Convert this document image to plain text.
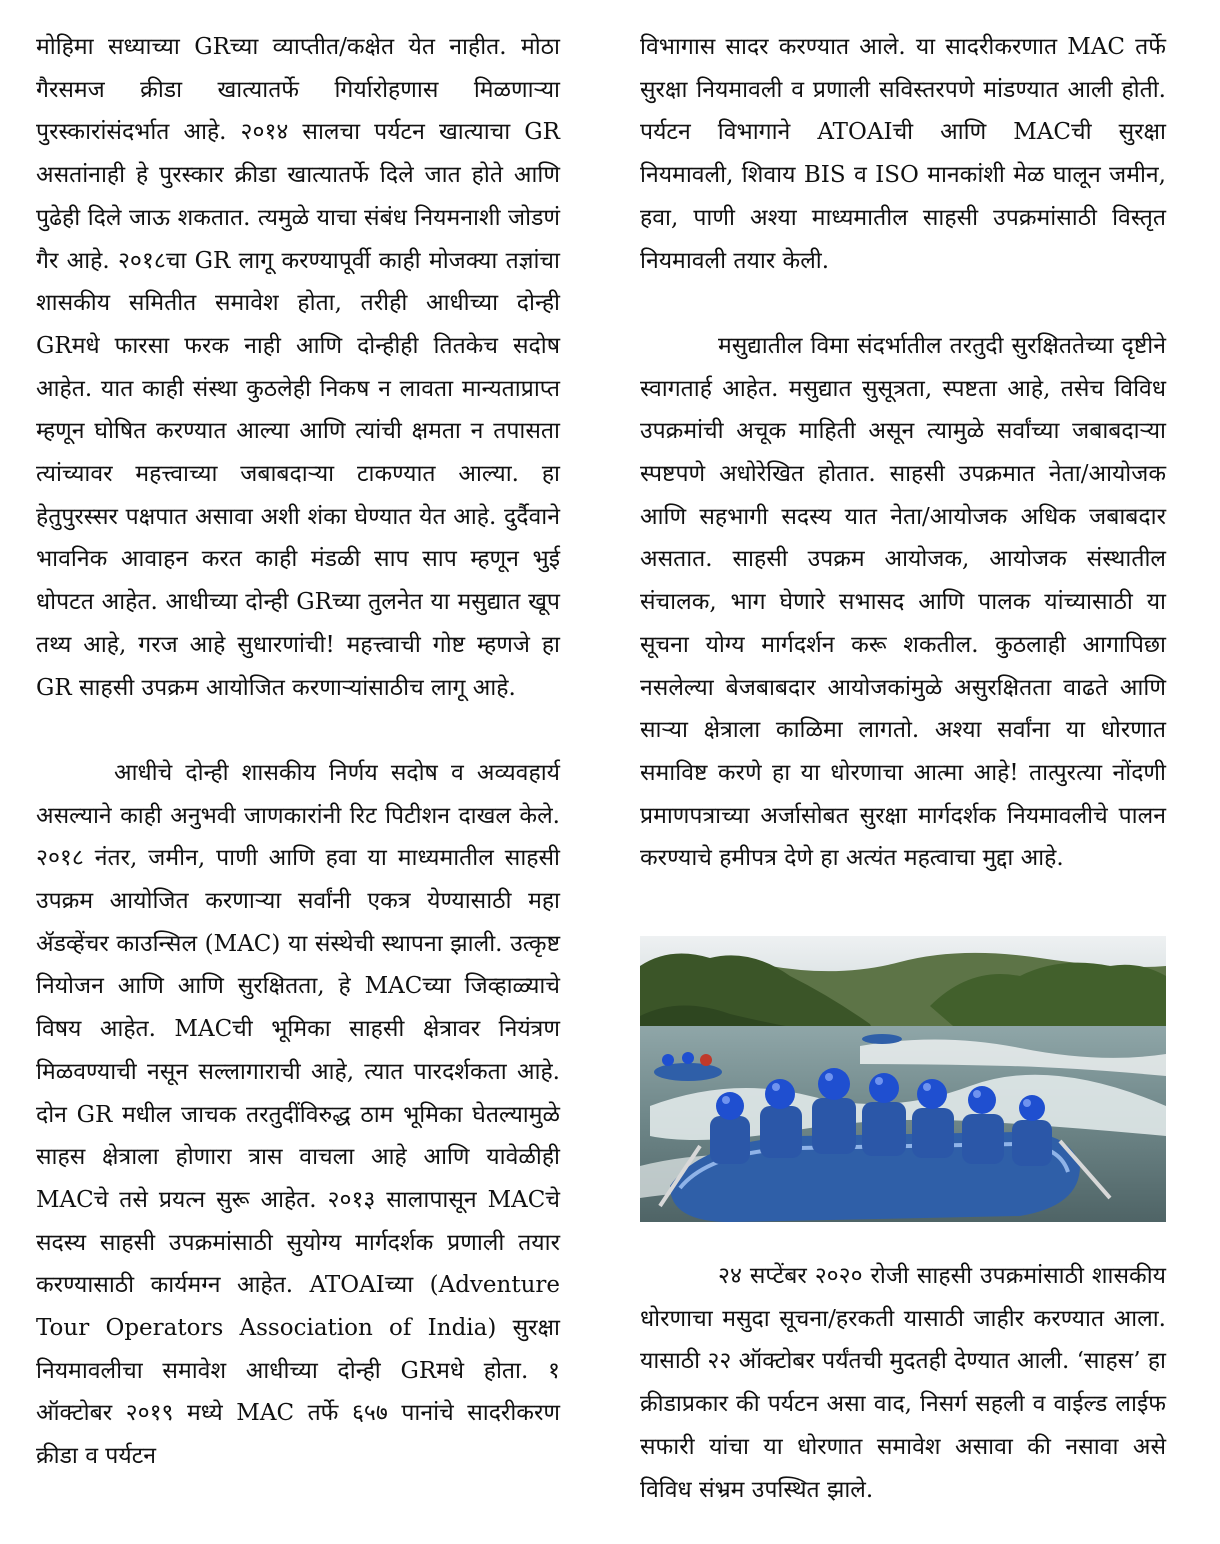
मोहिमा सध्याच्या GRच्या व्याप्तीत/कक्षेत येत नाहीत. मोठा गैरसमज क्रीडा खात्यातर्फे गिर्यारोहणास मिळणाऱ्या पुरस्कारांसंदर्भात आहे. २०१४ सालचा पर्यटन खात्याचा GR असतांनाही हे पुरस्कार क्रीडा खात्यातर्फे दिले जात होते आणि पुढेही दिले जाऊ शकतात. त्यमुळे याचा संबंध नियमनाशी जोडणं गैर आहे. २०१८चा GR लागू करण्यापूर्वी काही मोजक्या तज्ञांचा शासकीय समितीत समावेश होता, तरीही आधीच्या दोन्ही GRमधे फारसा फरक नाही आणि दोन्हीही तितकेच सदोष आहेत. यात काही संस्था कुठलेही निकष न लावता मान्यताप्राप्त म्हणून घोषित करण्यात आल्या आणि त्यांची क्षमता न तपासता त्यांच्यावर महत्त्वाच्या जबाबदाऱ्या टाकण्यात आल्या. हा हेतुपुरस्सर पक्षपात असावा अशी शंका घेण्यात येत आहे. दुर्दैवाने भावनिक आवाहन करत काही मंडळी साप साप म्हणून भुई धोपटत आहेत. आधीच्या दोन्ही GRच्या तुलनेत या मसुद्यात खूप तथ्य आहे, गरज आहे सुधारणांची! महत्त्वाची गोष्ट म्हणजे हा GR साहसी उपक्रम आयोजित करणाऱ्यांसाठीच लागू आहे.

आधीचे दोन्ही शासकीय निर्णय सदोष व अव्यवहार्य असल्याने काही अनुभवी जाणकारांनी रिट पिटीशन दाखल केले. २०१८ नंतर, जमीन, पाणी आणि हवा या माध्यमातील साहसी उपक्रम आयोजित करणाऱ्या सर्वांनी एकत्र येण्यासाठी महा ॲडव्हेंचर काउन्सिल (MAC) या संस्थेची स्थापना झाली. उत्कृष्ट नियोजन आणि आणि सुरक्षितता, हे MACच्या जिव्हाळ्याचे विषय आहेत. MACची भूमिका साहसी क्षेत्रावर नियंत्रण मिळवण्याची नसून सल्लागाराची आहे, त्यात पारदर्शकता आहे. दोन GR मधील जाचक तरतुदींविरुद्ध ठाम भूमिका घेतल्यामुळे साहस क्षेत्राला होणारा त्रास वाचला आहे आणि यावेळीही MACचे तसे प्रयत्न सुरू आहेत. २०१३ सालापासून MACचे सदस्य साहसी उपक्रमांसाठी सुयोग्य मार्गदर्शक प्रणाली तयार करण्यासाठी कार्यमग्न आहेत. ATOAIच्या (Adventure Tour Operators Association of India) सुरक्षा नियमावलीचा समावेश आधीच्या दोन्ही GRमधे होता. १ ऑक्टोबर २०१९ मध्ये MAC तर्फे ६५७ पानांचे सादरीकरण क्रीडा व पर्यटन

विभागास सादर करण्यात आले. या सादरीकरणात MAC तर्फे सुरक्षा नियमावली व प्रणाली सविस्तरपणे मांडण्यात आली होती. पर्यटन विभागाने ATOAIची आणि MACची सुरक्षा नियमावली, शिवाय BIS व ISO मानकांशी मेळ घालून जमीन, हवा, पाणी अश्या माध्यमातील साहसी उपक्रमांसाठी विस्तृत नियमावली तयार केली.

मसुद्यातील विमा संदर्भातील तरतुदी सुरक्षिततेच्या दृष्टीने स्वागतार्ह आहेत. मसुद्यात सुसूत्रता, स्पष्टता आहे, तसेच विविध उपक्रमांची अचूक माहिती असून त्यामुळे सर्वांच्या जबाबदाऱ्या स्पष्टपणे अधोरेखित होतात. साहसी उपक्रमात नेता/आयोजक आणि सहभागी सदस्य यात नेता/आयोजक अधिक जबाबदार असतात. साहसी उपक्रम आयोजक, आयोजक संस्थातील संचालक, भाग घेणारे सभासद आणि पालक यांच्यासाठी या सूचना योग्य मार्गदर्शन करू शकतील. कुठलाही आगापिछा नसलेल्या बेजबाबदार आयोजकांमुळे असुरक्षितता वाढते आणि साऱ्या क्षेत्राला काळिमा लागतो. अश्या सर्वांना या धोरणात समाविष्ट करणे हा या धोरणाचा आत्मा आहे! तात्पुरत्या नोंदणी प्रमाणपत्राच्या अर्जासोबत सुरक्षा मार्गदर्शक नियमावलीचे पालन करण्याचे हमीपत्र देणे हा अत्यंत महत्वाचा मुद्दा आहे.

२४ सप्टेंबर २०२० रोजी साहसी उपक्रमांसाठी शासकीय धोरणाचा मसुदा सूचना/हरकती यासाठी जाहीर करण्यात आला. यासाठी २२ ऑक्टोबर पर्यंतची मुदतही देण्यात आली. ‘साहस’ हा क्रीडाप्रकार की पर्यटन असा वाद, निसर्ग सहली व वाईल्ड लाईफ सफारी यांचा या धोरणात समावेश असावा की नसावा असे विविध संभ्रम उपस्थित झाले.
